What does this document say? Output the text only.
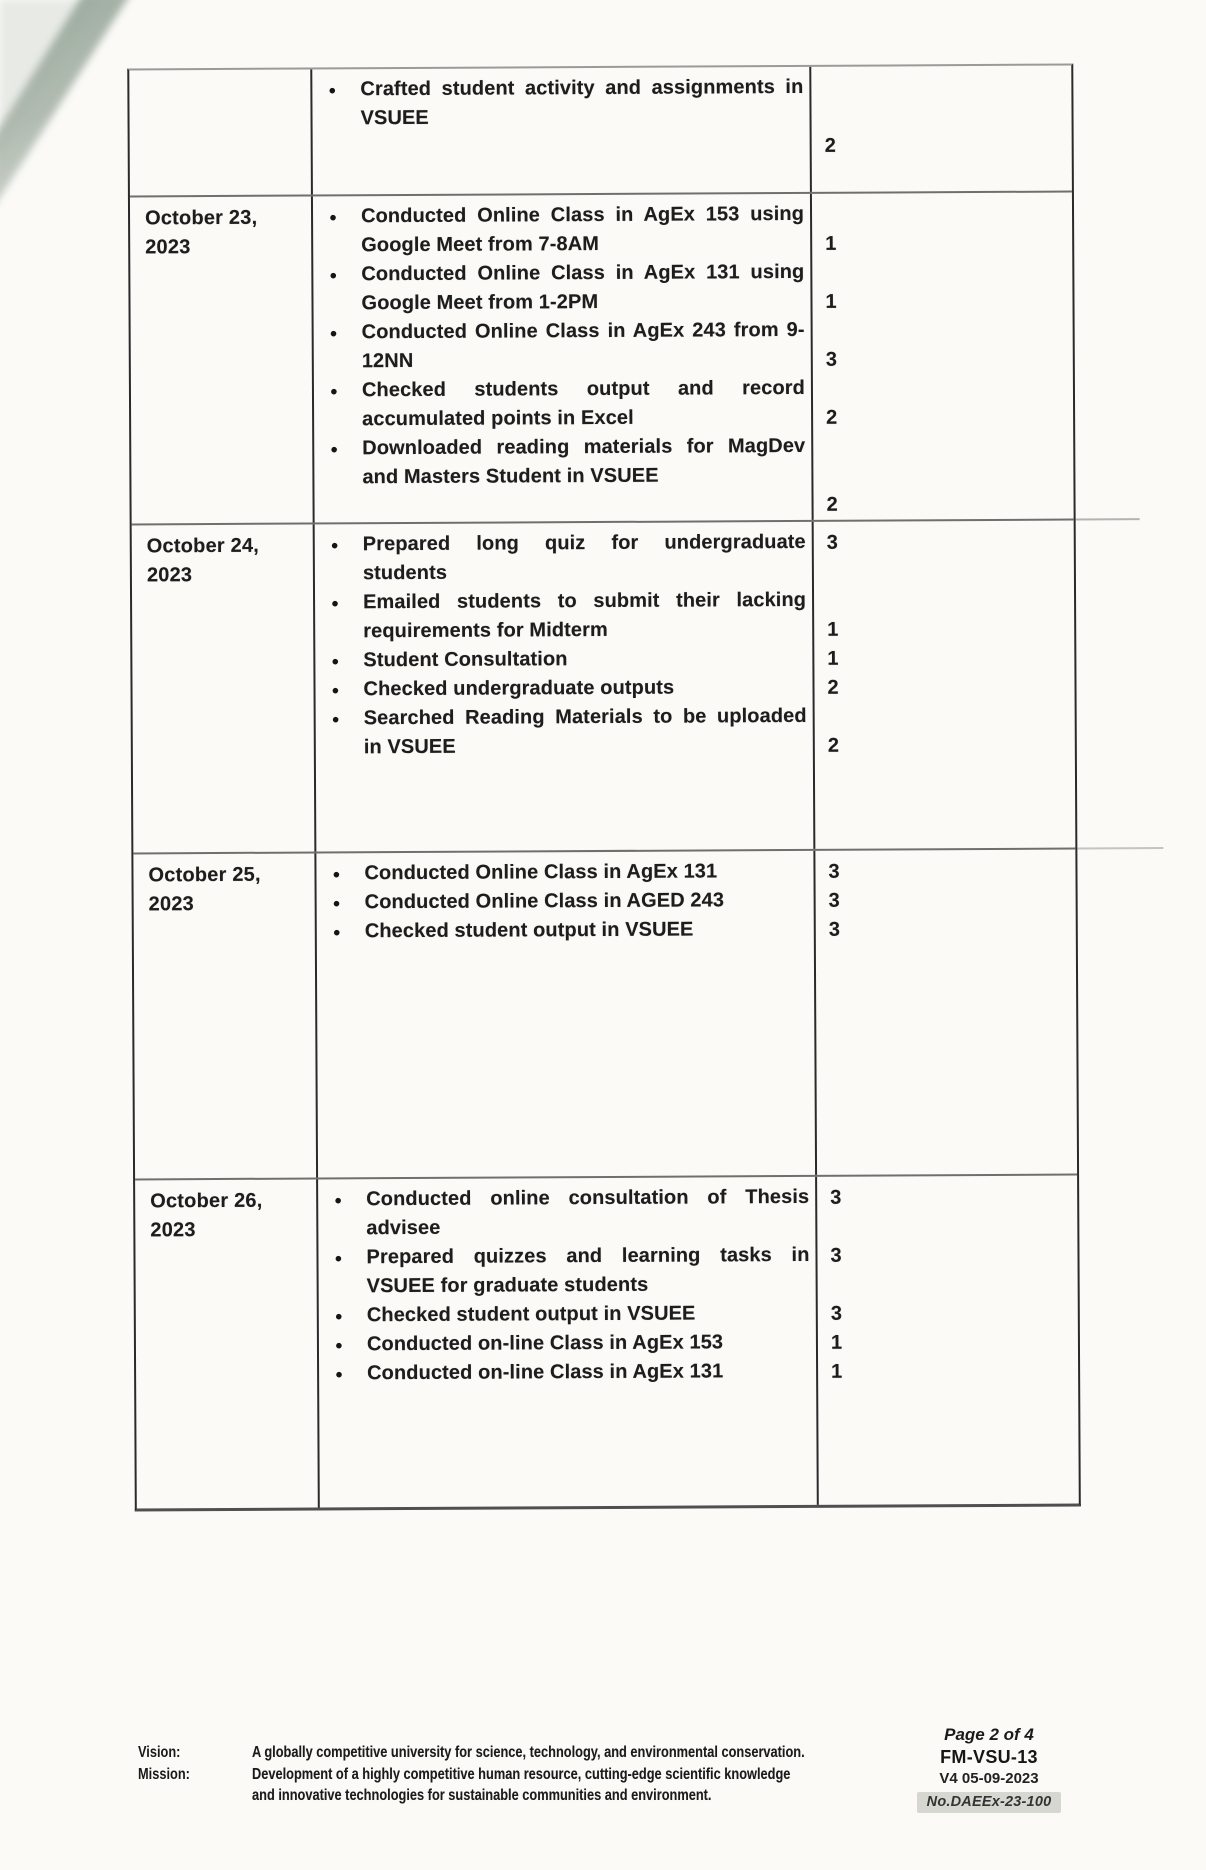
● Crafted student activity and assignments in
VSUEE
2
October 23,
2023
● Conducted Online Class in AgEx 153 using
Google Meet from 7-8AM
● Conducted Online Class in AgEx 131 using
Google Meet from 1-2PM
● Conducted Online Class in AgEx 243 from 9-
12NN
● Checked students output and record
accumulated points in Excel
● Downloaded reading materials for MagDev
and Masters Student in VSUEE
1
1
3
2
2
October 24,
2023
● Prepared long quiz for undergraduate
students
● Emailed students to submit their lacking
requirements for Midterm
● Student Consultation
● Checked undergraduate outputs
● Searched Reading Materials to be uploaded
in VSUEE
3
1
1
2
2
October 25,
2023
● Conducted Online Class in AgEx 131
● Conducted Online Class in AGED 243
● Checked student output in VSUEE
3
3
3
October 26,
2023
● Conducted online consultation of Thesis
advisee
● Prepared quizzes and learning tasks in
VSUEE for graduate students
● Checked student output in VSUEE
● Conducted on-line Class in AgEx 153
● Conducted on-line Class in AgEx 131
3
3
3
1
1
Vision:
Mission:
A globally competitive university for science, technology, and environmental conservation.
Development of a highly competitive human resource, cutting-edge scientific knowledge
and innovative technologies for sustainable communities and environment.
Page 2 of 4
FM-VSU-13
V4 05-09-2023
No.DAEEx-23-100
